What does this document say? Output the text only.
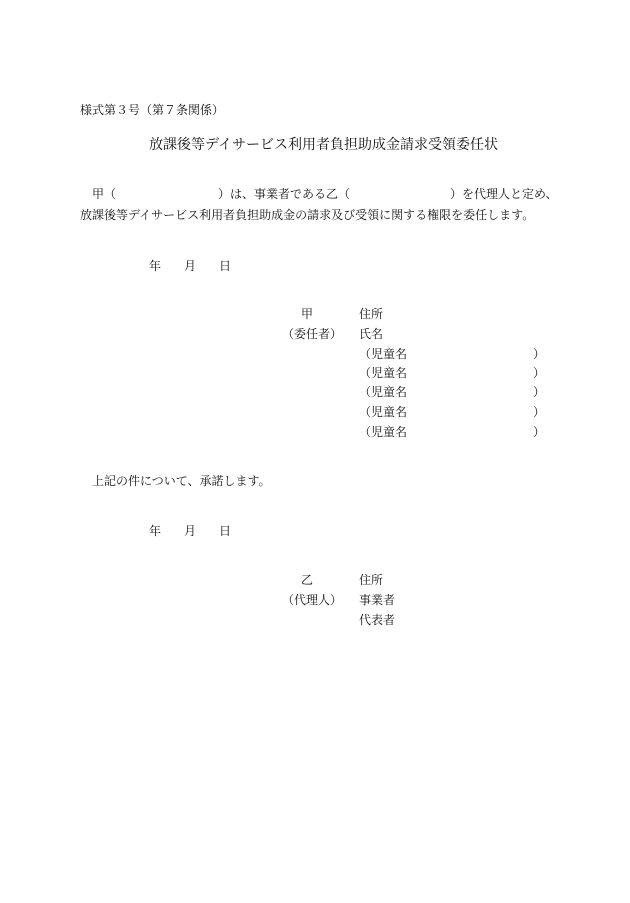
様式第３号（第７条関係）
放課後等デイサービス利用者負担助成金請求受領委任状
甲（	）は、事業者である乙（	）を代理人と定め、
放課後等デイサービス利用者負担助成金の請求及び受領に関する権限を委任します。
年 月 日
甲	住所
（委任者） 氏名
（児童名	）
（児童名	）
（児童名	）
（児童名	）
（児童名	）
上記の件について、承諾します。
年 月 日
乙	住所
（代理人） 事業者
代表者
